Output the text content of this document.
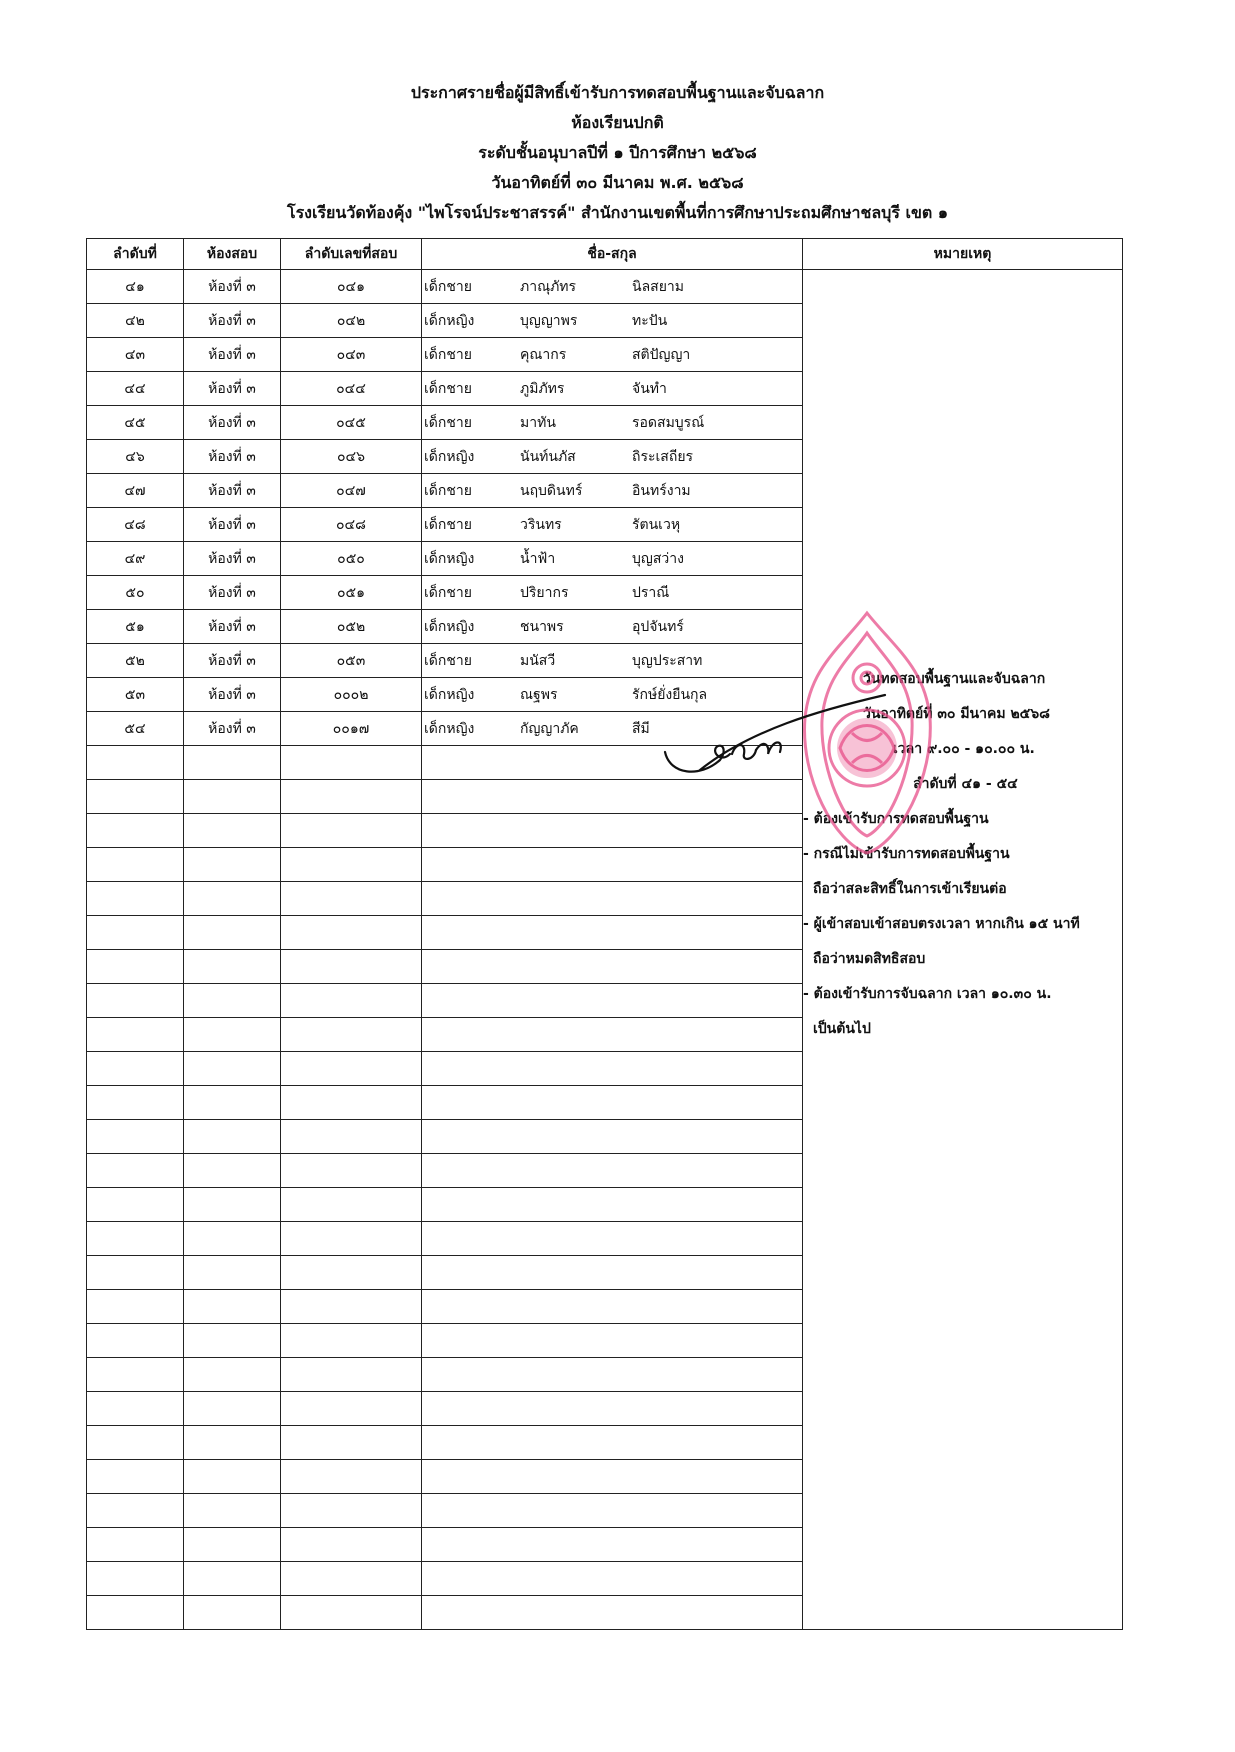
ประกาศรายชื่อผู้มีสิทธิ์เข้ารับการทดสอบพื้นฐานและจับฉลาก
ห้องเรียนปกติ
ระดับชั้นอนุบาลปีที่ ๑ ปีการศึกษา ๒๕๖๘
วันอาทิตย์ที่ ๓๐ มีนาคม พ.ศ. ๒๕๖๘
โรงเรียนวัดท้องคุ้ง "ไพโรจน์ประชาสรรค์" สำนักงานเขตพื้นที่การศึกษาประถมศึกษาชลบุรี เขต ๑
ลำดับที่	ห้องสอบ	ลำดับเลขที่สอบ	ชื่อ-สกุล	หมายเหตุ
๔๑	ห้องที่ ๓	๐๔๑	เด็กชาย ภาณุภัทร นิลสยาม	

๔๒	ห้องที่ ๓	๐๔๒	เด็กหญิง บุญญาพร ทะปัน	

๔๓	ห้องที่ ๓	๐๔๓	เด็กชาย คุณากร สติปัญญา	

๔๔	ห้องที่ ๓	๐๔๔	เด็กชาย ภูมิภัทร จันทำ	

๔๕	ห้องที่ ๓	๐๔๕	เด็กชาย มาทัน รอดสมบูรณ์	

๔๖	ห้องที่ ๓	๐๔๖	เด็กหญิง นันท์นภัส ถิระเสถียร	

๔๗	ห้องที่ ๓	๐๔๗	เด็กชาย นฤบดินทร์ อินทร์งาม	

๔๘	ห้องที่ ๓	๐๔๘	เด็กชาย วรินทร รัตนเวหุ	

๔๙	ห้องที่ ๓	๐๕๐	เด็กหญิง น้ำฟ้า บุญสว่าง	

๕๐	ห้องที่ ๓	๐๕๑	เด็กชาย ปริยากร ปราณี	

๕๑	ห้องที่ ๓	๐๕๒	เด็กหญิง ชนาพร อุปจันทร์	

๕๒	ห้องที่ ๓	๐๕๓	เด็กชาย มนัสวี บุญประสาท	

๕๓	ห้องที่ ๓	๐๐๐๒	เด็กหญิง ณฐพร รักษ์ยั่งยืนกุล	

๕๔	ห้องที่ ๓	๐๐๑๗	เด็กหญิง กัญญาภัค สีมี	

วันทดสอบพื้นฐานและจับฉลาก
วันอาทิตย์ที่ ๓๐ มีนาคม ๒๕๖๘
เวลา ๙.๐๐ - ๑๐.๐๐ น.
ลำดับที่ ๔๑ - ๕๔
- ต้องเข้ารับการทดสอบพื้นฐาน
- กรณีไม่เข้ารับการทดสอบพื้นฐาน
ถือว่าสละสิทธิ์ในการเข้าเรียนต่อ
- ผู้เข้าสอบเข้าสอบตรงเวลา หากเกิน ๑๕ นาที
ถือว่าหมดสิทธิสอบ
- ต้องเข้ารับการจับฉลาก เวลา ๑๐.๓๐ น.
เป็นต้นไป
